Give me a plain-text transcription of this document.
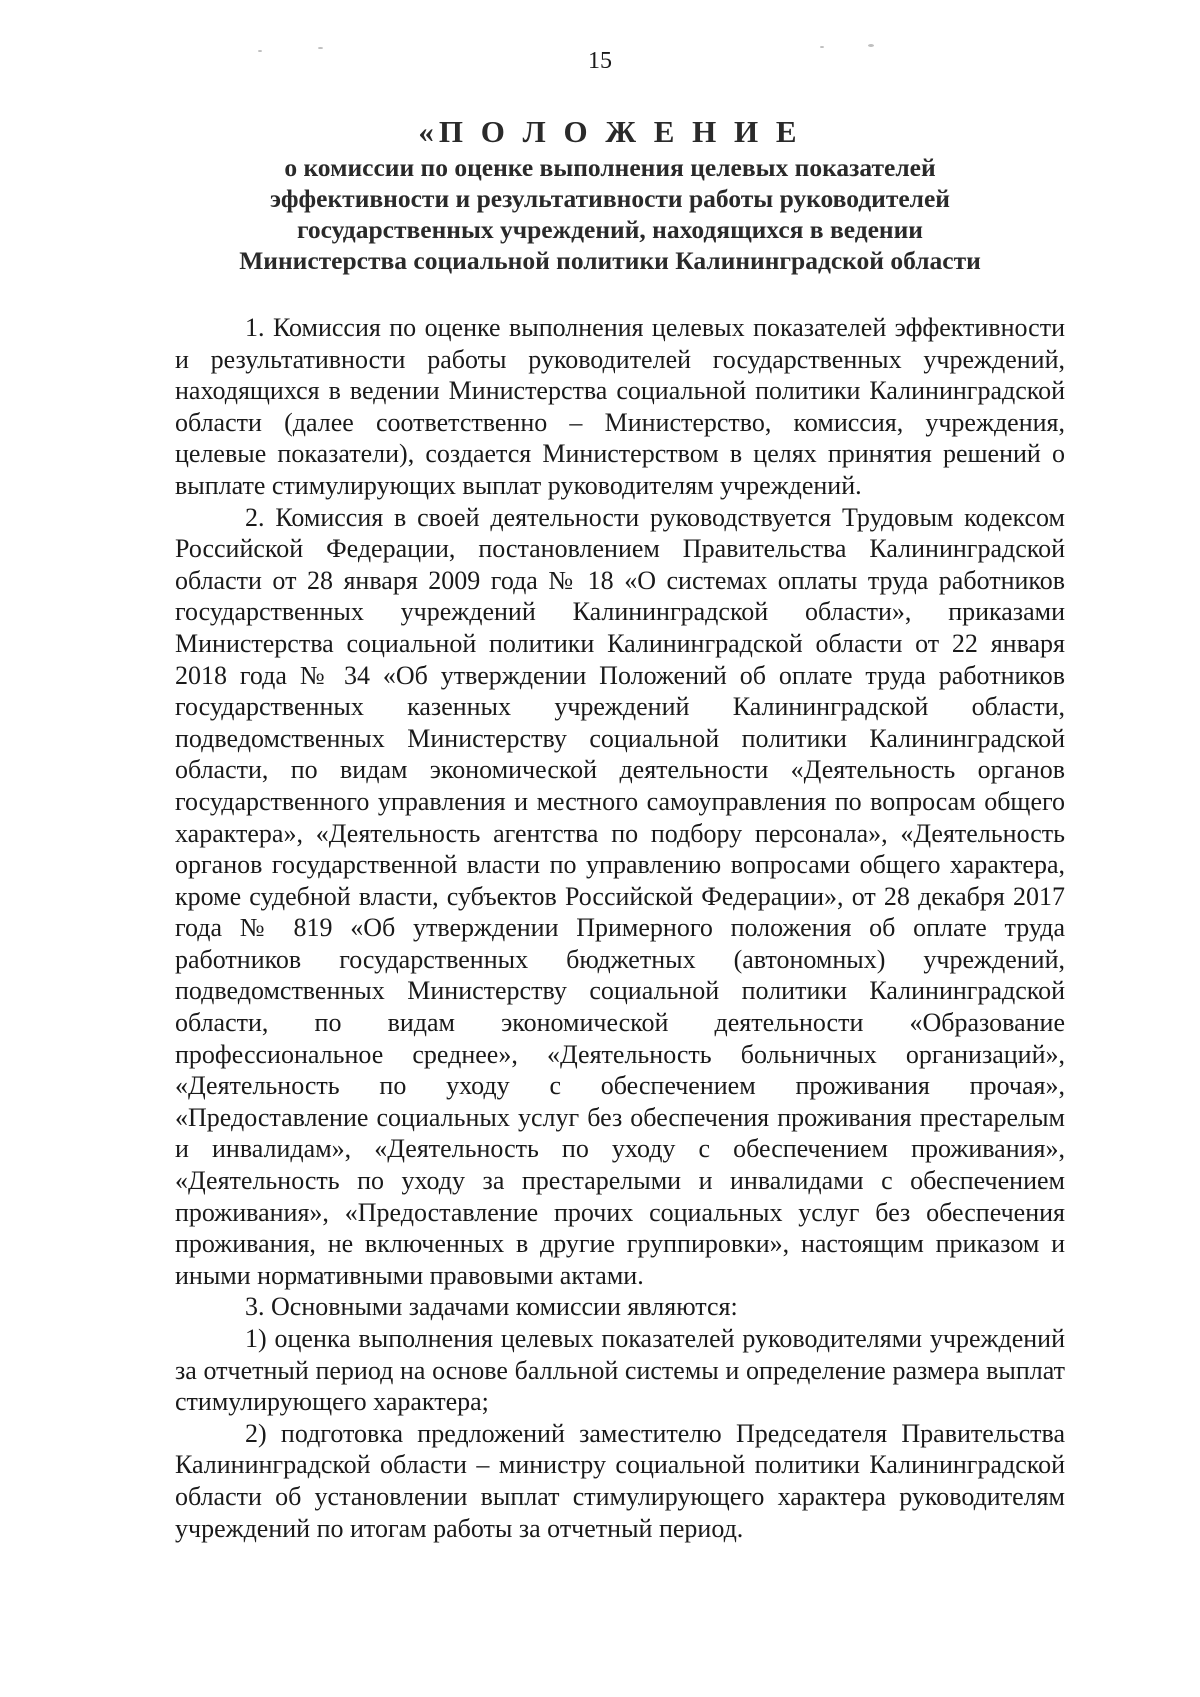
15
«П О Л О Ж Е Н И Е
о комиссии по оценке выполнения целевых показателей
эффективности и результативности работы руководителей
государственных учреждений, находящихся в ведении
Министерства социальной политики Калининградской области

1. Комиссия по оценке выполнения целевых показателей эффективности и результативности работы руководителей государственных учреждений, находящихся в ведении Министерства социальной политики Калининградской области (далее соответственно – Министерство, комиссия, учреждения, целевые показатели), создается Министерством в целях принятия решений о выплате стимулирующих выплат руководителям учреждений.

2. Комиссия в своей деятельности руководствуется Трудовым кодексом Российской Федерации, постановлением Правительства Калининградской области от 28 января 2009 года № 18 «О системах оплаты труда работников государственных учреждений Калининградской области», приказами Министерства социальной политики Калининградской области от 22 января 2018 года № 34 «Об утверждении Положений об оплате труда работников государственных казенных учреждений Калининградской области, подведомственных Министерству социальной политики Калининградской области, по видам экономической деятельности «Деятельность органов государственного управления и местного самоуправления по вопросам общего характера», «Деятельность агентства по подбору персонала», «Деятельность органов государственной власти по управлению вопросами общего характера, кроме судебной власти, субъектов Российской Федерации», от 28 декабря 2017 года № 819 «Об утверждении Примерного положения об оплате труда работников государственных бюджетных (автономных) учреждений, подведомственных Министерству социальной политики Калининградской области, по видам экономической деятельности «Образование профессиональное среднее», «Деятельность больничных организаций», «Деятельность по уходу с обеспечением проживания прочая», «Предоставление социальных услуг без обеспечения проживания престарелым и инвалидам», «Деятельность по уходу с обеспечением проживания», «Деятельность по уходу за престарелыми и инвалидами с обеспечением проживания», «Предоставление прочих социальных услуг без обеспечения проживания, не включенных в другие группировки», настоящим приказом и иными нормативными правовыми актами.

3. Основными задачами комиссии являются:

1) оценка выполнения целевых показателей руководителями учреждений за отчетный период на основе балльной системы и определение размера выплат стимулирующего характера;

2) подготовка предложений заместителю Председателя Правительства Калининградской области – министру социальной политики Калининградской области об установлении выплат стимулирующего характера руководителям учреждений по итогам работы за отчетный период.
